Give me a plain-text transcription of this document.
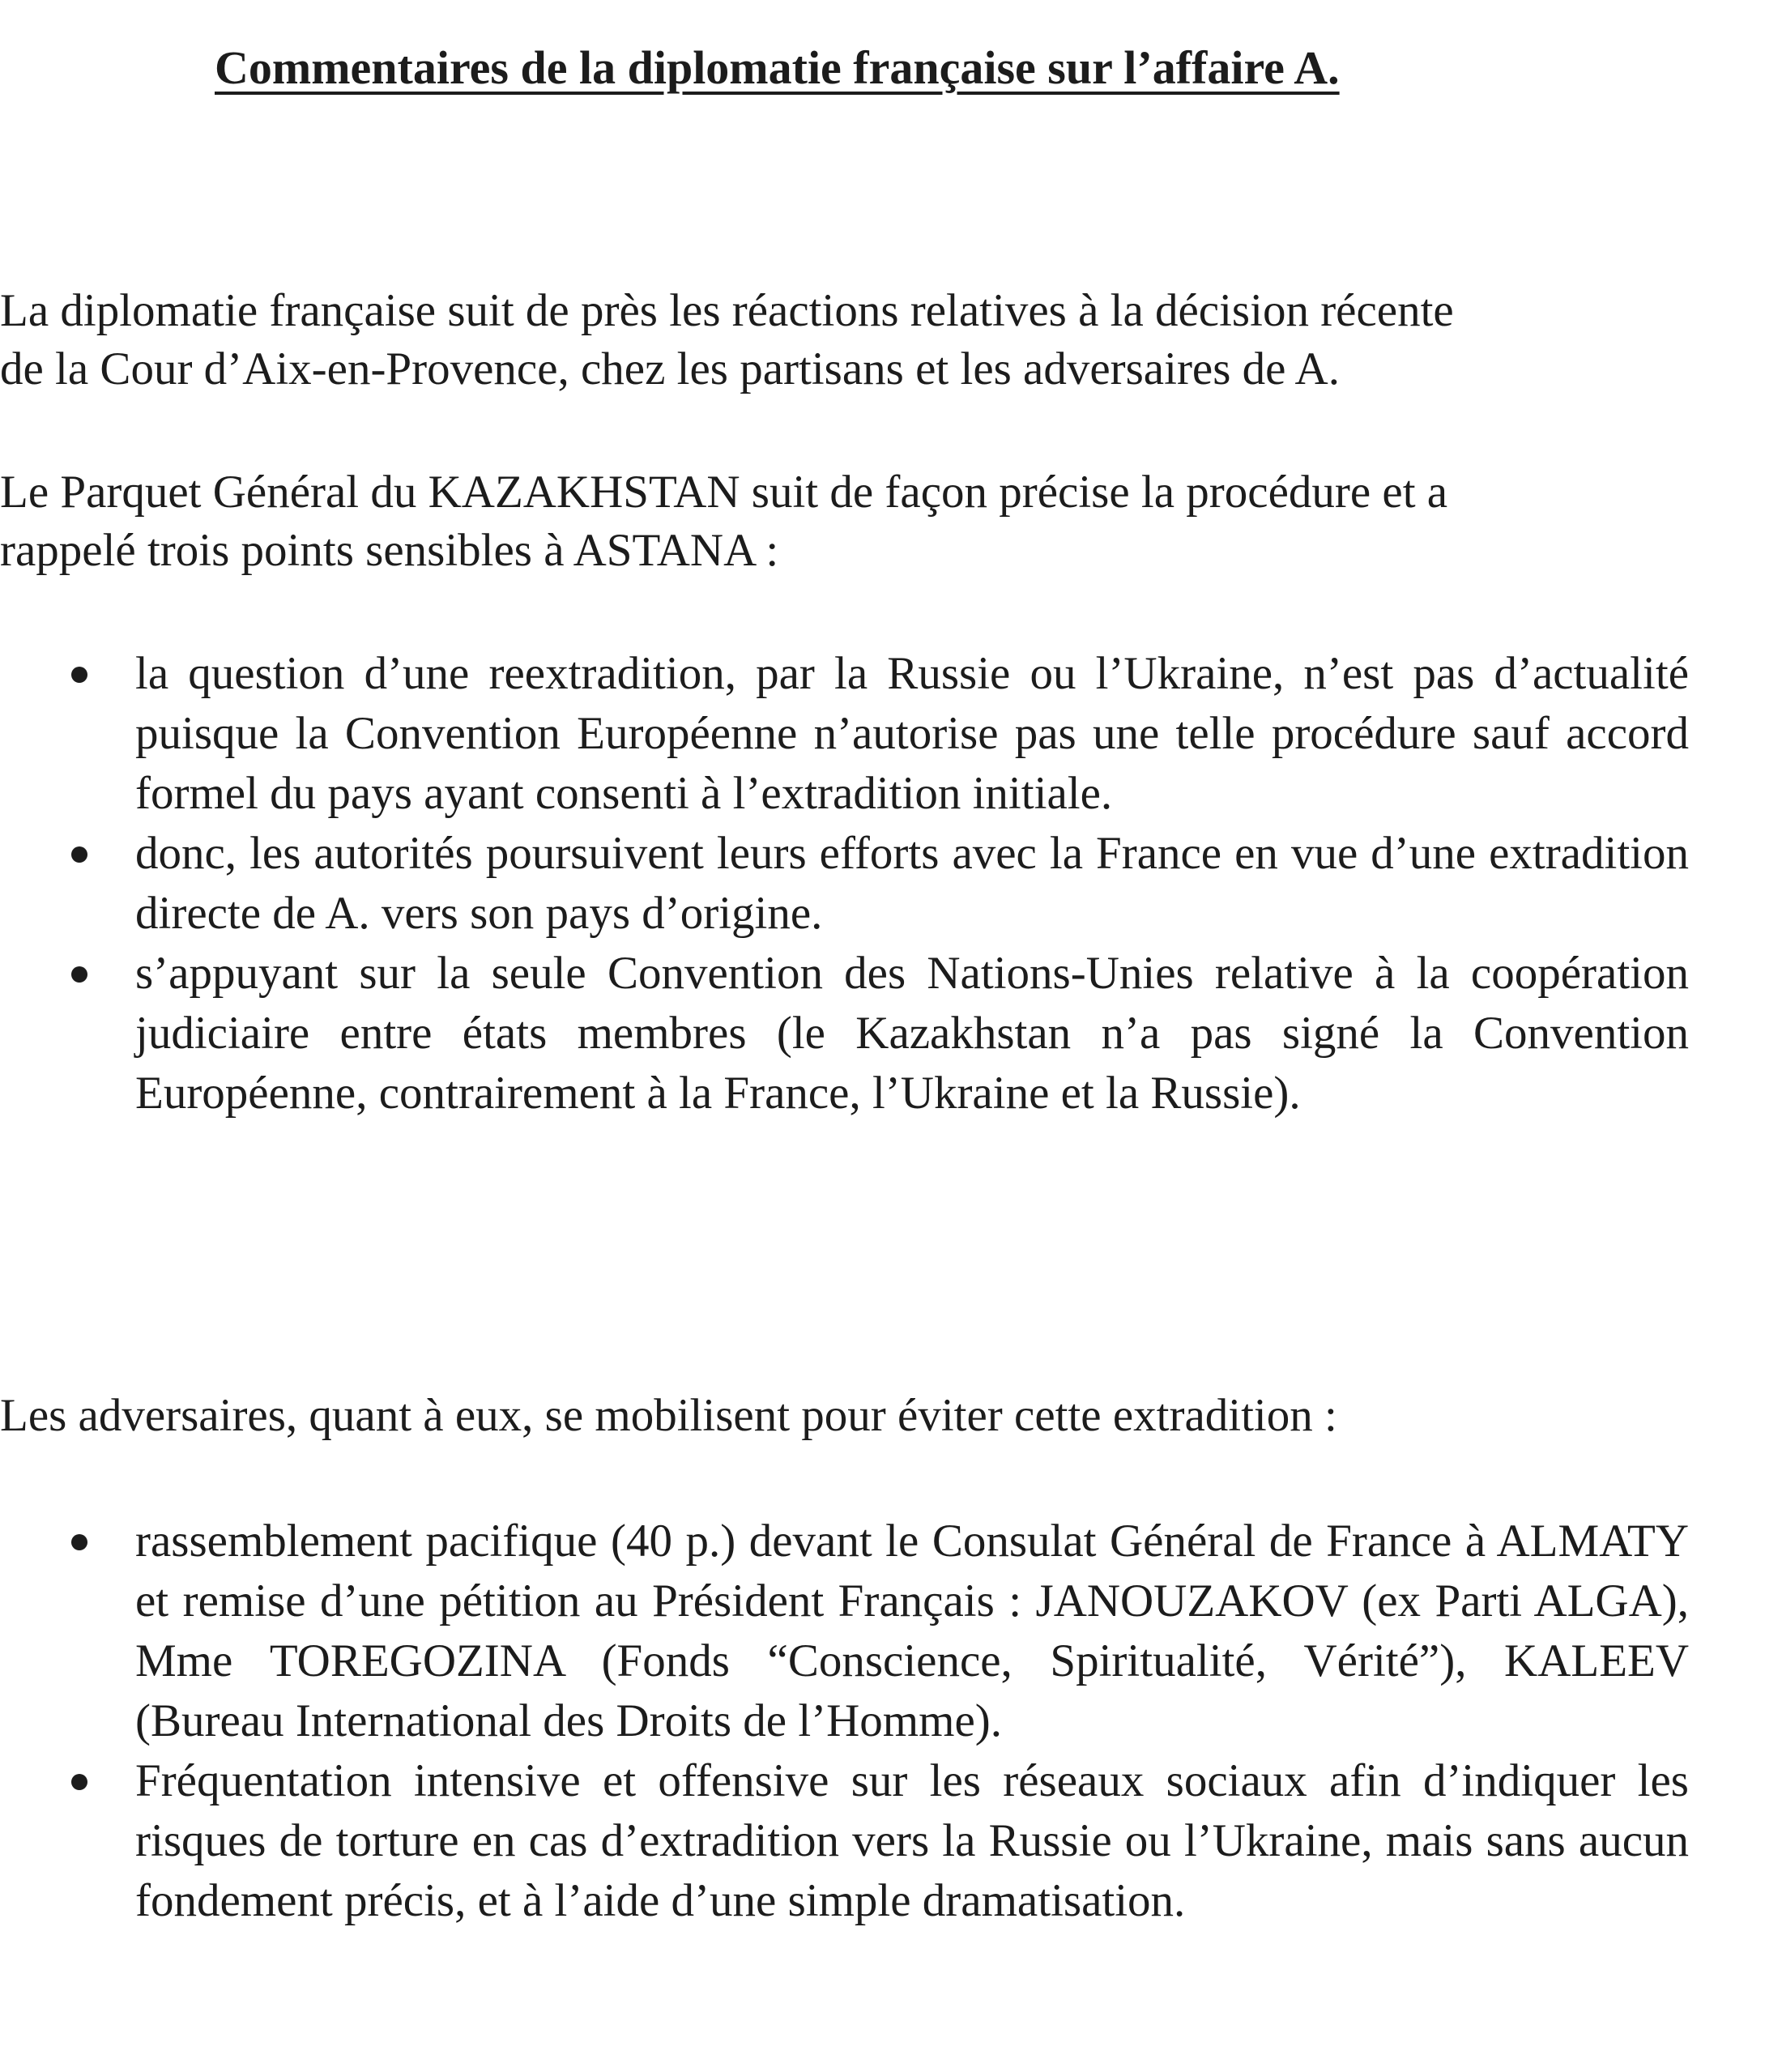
Commentaires de la diplomatie française sur l’affaire A.

La diplomatie française suit de près les réactions relatives à la décision récente

de la Cour d’Aix-en-Provence, chez les partisans et les adversaires de A.

Le Parquet Général du KAZAKHSTAN suit de façon précise la procédure et a

rappelé trois points sensibles à ASTANA :

la question d’une reextradition, par la Russie ou l’Ukraine, n’est pas d’actualité puisque la Convention Européenne n’autorise pas une telle procédure sauf accord formel du pays ayant consenti à l’extradition initiale.
donc, les autorités poursuivent leurs efforts avec la France en vue d’une extradition directe de A. vers son pays d’origine.
s’appuyant sur la seule Convention des Nations-Unies relative à la coopération judiciaire entre états membres (le Kazakhstan n’a pas signé la Convention Européenne, contrairement à la France, l’Ukraine et la Russie).

Les adversaires, quant à eux, se mobilisent pour éviter cette extradition :

rassemblement pacifique (40 p.) devant le Consulat Général de France à ALMATY et remise d’une pétition au Président Français : JANOUZAKOV (ex Parti ALGA), Mme TOREGOZINA (Fonds “Conscience, Spiritualité, Vérité”), KALEEV (Bureau International des Droits de l’Homme).
Fréquentation intensive et offensive sur les réseaux sociaux afin d’indiquer les risques de torture en cas d’extradition vers la Russie ou l’Ukraine, mais sans aucun fondement précis, et à l’aide d’une simple dramatisation.
